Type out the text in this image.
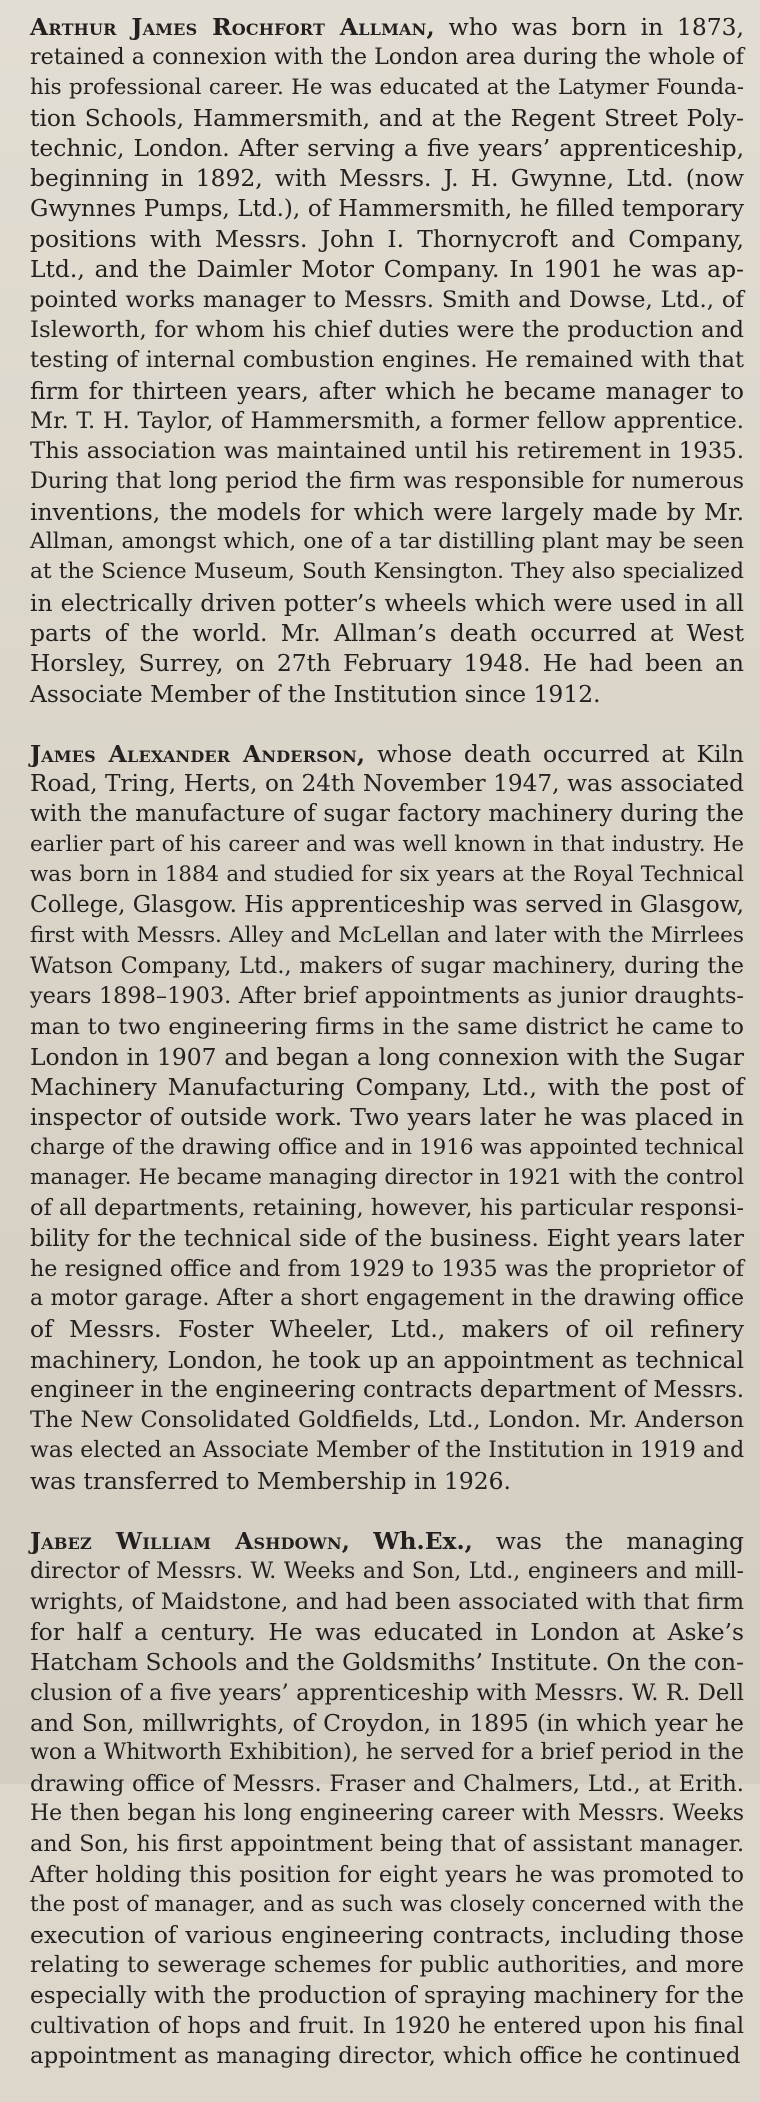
Arthur James Rochfort Allman, who was born in 1873,
retained a connexion with the London area during the whole of
his professional career. He was educated at the Latymer Founda-
tion Schools, Hammersmith, and at the Regent Street Poly-
technic, London. After serving a five years’ apprenticeship,
beginning in 1892, with Messrs. J. H. Gwynne, Ltd. (now
Gwynnes Pumps, Ltd.), of Hammersmith, he filled temporary
positions with Messrs. John I. Thornycroft and Company,
Ltd., and the Daimler Motor Company. In 1901 he was ap-
pointed works manager to Messrs. Smith and Dowse, Ltd., of
Isleworth, for whom his chief duties were the production and
testing of internal combustion engines. He remained with that
firm for thirteen years, after which he became manager to
Mr. T. H. Taylor, of Hammersmith, a former fellow apprentice.
This association was maintained until his retirement in 1935.
During that long period the firm was responsible for numerous
inventions, the models for which were largely made by Mr.
Allman, amongst which, one of a tar distilling plant may be seen
at the Science Museum, South Kensington. They also specialized
in electrically driven potter’s wheels which were used in all
parts of the world. Mr. Allman’s death occurred at West
Horsley, Surrey, on 27th February 1948. He had been an
Associate Member of the Institution since 1912.
James Alexander Anderson, whose death occurred at Kiln
Road, Tring, Herts, on 24th November 1947, was associated
with the manufacture of sugar factory machinery during the
earlier part of his career and was well known in that industry. He
was born in 1884 and studied for six years at the Royal Technical
College, Glasgow. His apprenticeship was served in Glasgow,
first with Messrs. Alley and McLellan and later with the Mirrlees
Watson Company, Ltd., makers of sugar machinery, during the
years 1898–1903. After brief appointments as junior draughts-
man to two engineering firms in the same district he came to
London in 1907 and began a long connexion with the Sugar
Machinery Manufacturing Company, Ltd., with the post of
inspector of outside work. Two years later he was placed in
charge of the drawing office and in 1916 was appointed technical
manager. He became managing director in 1921 with the control
of all departments, retaining, however, his particular responsi-
bility for the technical side of the business. Eight years later
he resigned office and from 1929 to 1935 was the proprietor of
a motor garage. After a short engagement in the drawing office
of Messrs. Foster Wheeler, Ltd., makers of oil refinery
machinery, London, he took up an appointment as technical
engineer in the engineering contracts department of Messrs.
The New Consolidated Goldfields, Ltd., London. Mr. Anderson
was elected an Associate Member of the Institution in 1919 and
was transferred to Membership in 1926.
Jabez William Ashdown, Wh.Ex., was the managing
director of Messrs. W. Weeks and Son, Ltd., engineers and mill-
wrights, of Maidstone, and had been associated with that firm
for half a century. He was educated in London at Aske’s
Hatcham Schools and the Goldsmiths’ Institute. On the con-
clusion of a five years’ apprenticeship with Messrs. W. R. Dell
and Son, millwrights, of Croydon, in 1895 (in which year he
won a Whitworth Exhibition), he served for a brief period in the
drawing office of Messrs. Fraser and Chalmers, Ltd., at Erith.
He then began his long engineering career with Messrs. Weeks
and Son, his first appointment being that of assistant manager.
After holding this position for eight years he was promoted to
the post of manager, and as such was closely concerned with the
execution of various engineering contracts, including those
relating to sewerage schemes for public authorities, and more
especially with the production of spraying machinery for the
cultivation of hops and fruit. In 1920 he entered upon his final
appointment as managing director, which office he continued
